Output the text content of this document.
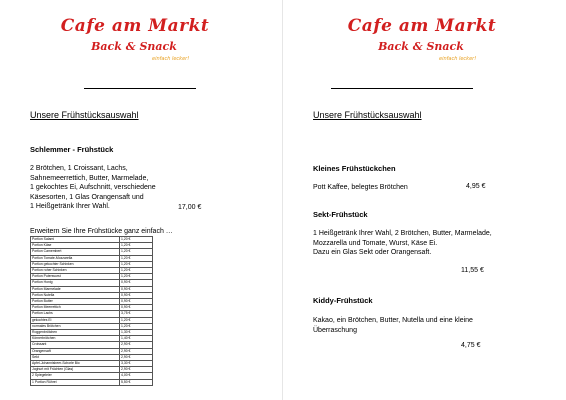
Cafe am Markt
Back & Snack
einfach lecker!
Unsere Frühstücksauswahl
Schlemmer - Frühstück
2 Brötchen, 1 Croissant, Lachs,
Sahnemeerrettich, Butter, Marmelade,
1 gekochtes Ei, Aufschnitt, verschiedene
Käsesorten, 1 Glas Orangensaft und
1 Heißgetränk Ihrer Wahl.	17,00 €
Erweitern Sie Ihre Frühstücke ganz einfach …
Portion Salami	1,20 €
Portion Käse	1,20 €
Portion Camembert	1,20 €
Portion Tomate-Mozzarella	1,20 €
Portion gekochter Schinken	1,20 €
Portion roher Schinken	1,20 €
Portion Putenwurst	1,20 €
Portion Honig	0,90 €
Portion Marmelade	0,90 €
Portion Nutella	0,90 €
Portion Butter	0,90 €
Portion Meerrettich	0,90 €
Portion Lachs	3,75 €
gekochtes Ei	1,20 €
normales Brötchen	1,20 €
Roggenbrötchen	1,30 €
Körnerbrötchen	1,40 €
Croissant	2,90 €
Orangensaft	2,90 €
Sekt	2,90 €
Apfel-Johannisbeer-Schorle Bio	3,30 €
Joghurt mit Früchten (Glas)	2,90 €
2 Spiegeleier	4,00 €
1 Portion Rührei	5,50 €
Cafe am Markt
Back & Snack
einfach lecker!
Unsere Frühstücksauswahl
Kleines Frühstückchen
Pott Kaffee, belegtes Brötchen	4,95 €
Sekt-Frühstück
1 Heißgetränk Ihrer Wahl, 2 Brötchen, Butter, Marmelade,
Mozzarella und Tomate, Wurst, Käse Ei.
Dazu ein Glas Sekt oder Orangensaft.
11,55 €
Kiddy-Frühstück
Kakao, ein Brötchen, Butter, Nutella und eine kleine
Überraschung
4,75 €
